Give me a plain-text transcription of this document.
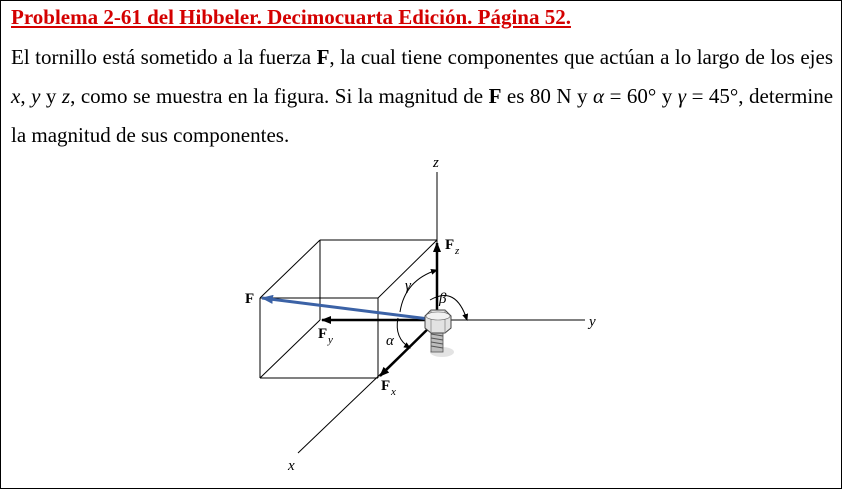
Problema 2-61 del Hibbeler. Decimocuarta Edición. Página 52.
El tornillo está sometido a la fuerza F, la cual tiene componentes que actúan a lo largo de los ejes x, y y z, como se muestra en la figura. Si la magnitud de F es 80 N y α = 60° y γ = 45°, determine la magnitud de sus componentes.
z
y
x
F
F z
F y
F x
α
β
γ
